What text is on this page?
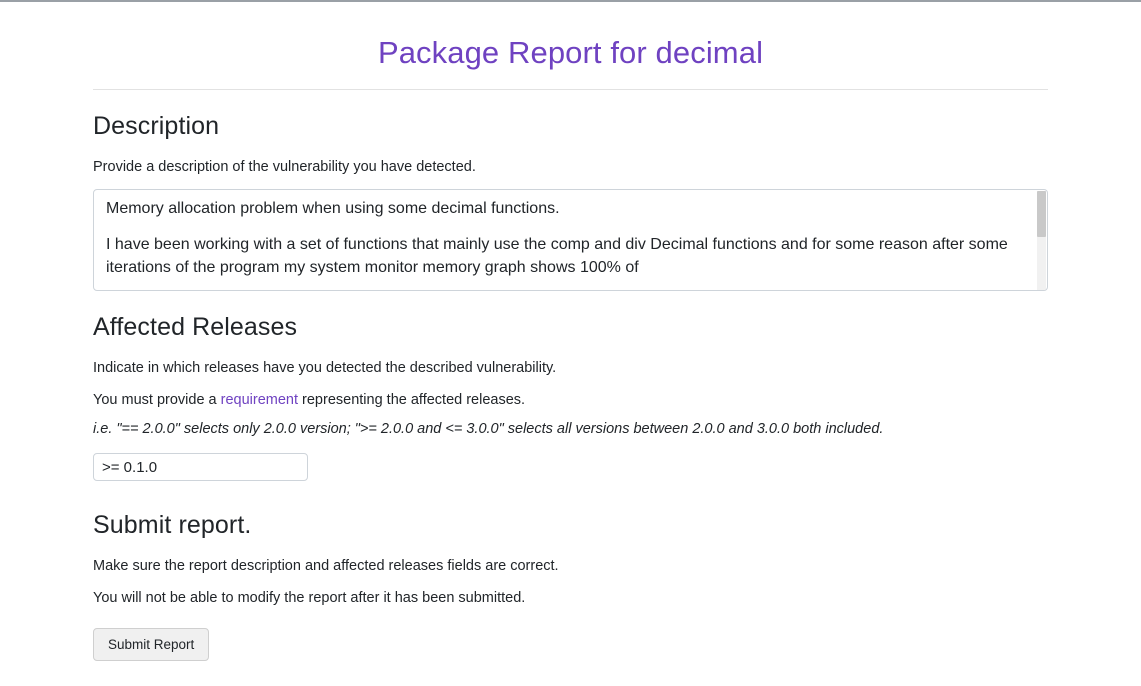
Package Report for decimal
Description

Provide a description of the vulnerability you have detected.

Memory allocation problem when using some decimal functions.

I have been working with a set of functions that mainly use the comp and div Decimal functions and for some reason after some iterations of the program my system monitor memory graph shows 100% of

Affected Releases

Indicate in which releases have you detected the described vulnerability.

You must provide a requirement representing the affected releases.

i.e. "== 2.0.0" selects only 2.0.0 version; ">= 2.0.0 and <= 3.0.0" selects all versions between 2.0.0 and 3.0.0 both included.

>= 0.1.0
Submit report.

Make sure the report description and affected releases fields are correct.

You will not be able to modify the report after it has been submitted.

Submit Report
